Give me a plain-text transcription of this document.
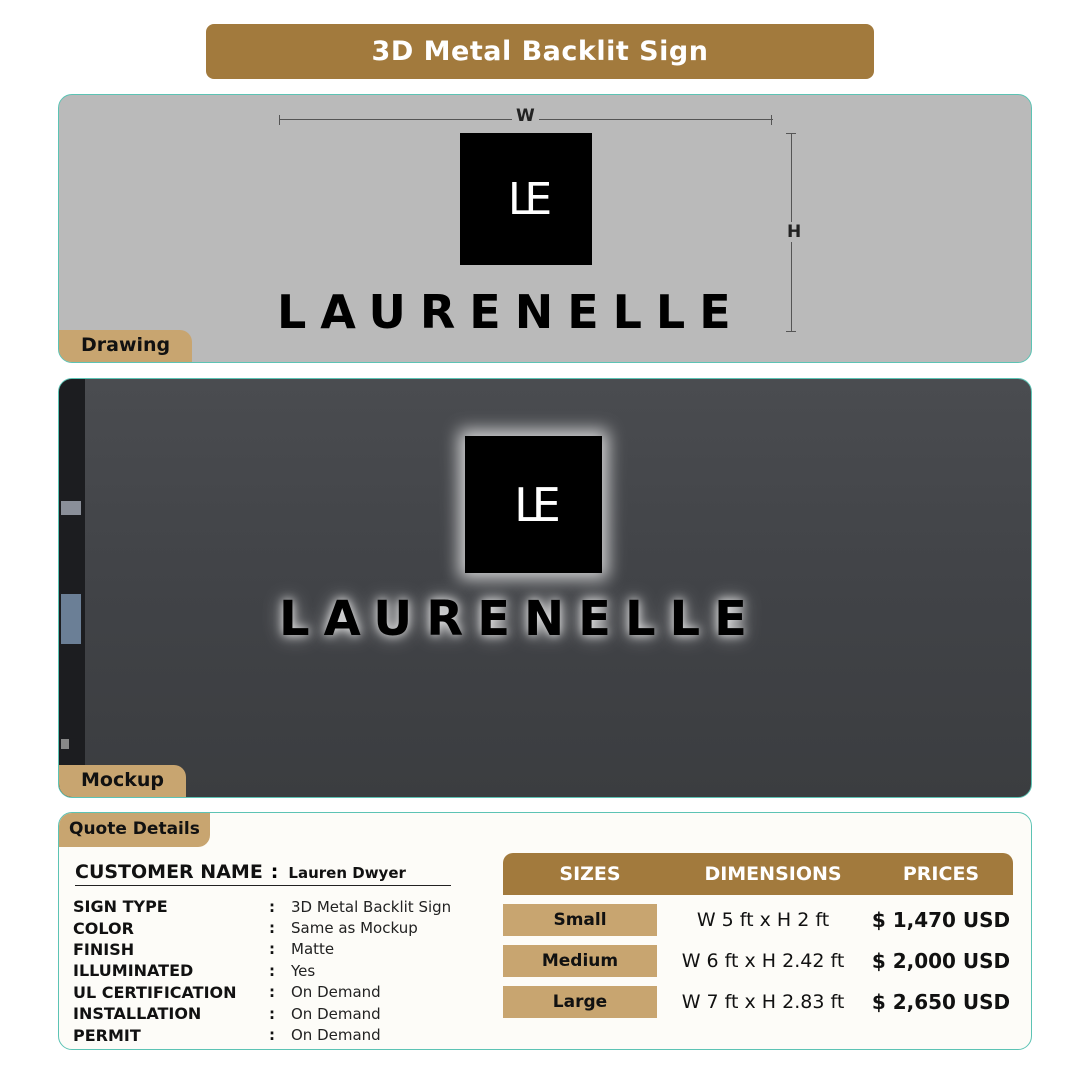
3D Metal Backlit Sign
W
H
LE
LAURENELLE
Drawing
LE
LAURENELLE
Mockup
Quote Details
CUSTOMER NAME : Lauren Dwyer
SIGN TYPE	:	3D Metal Backlit Sign
COLOR	:	Same as Mockup
FINISH	:	Matte
ILLUMINATED	:	Yes
UL CERTIFICATION	:	On Demand
INSTALLATION	:	On Demand
PERMIT	:	On Demand
SIZES	DIMENSIONS	PRICES
Small	W 5 ft x H 2 ft	$ 1,470 USD
Medium	W 6 ft x H 2.42 ft	$ 2,000 USD
Large	W 7 ft x H 2.83 ft	$ 2,650 USD
